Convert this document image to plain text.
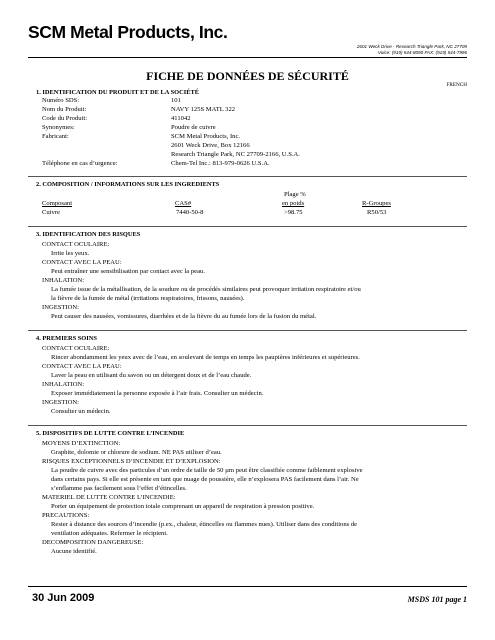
SCM Metal Products, Inc.
2601 Weck Drive · Research Triangle Park, NC 27709
Voice: (919) 544-8090 FAX: (919) 544-7996
FICHE DE DONNÉES DE SÉCURITÉ
FRENCH
1. IDENTIFICATION DU PRODUIT ET DE LA SOCIÉTÉ
Numéro SDS:	101
Nom du Produit:	NAVY 125S MATL 322
Code du Produit:	411042
Synonymes:	Poudre de cuivre
Fabricant:	SCM Metal Products, Inc.
2601 Weck Drive, Box 12166
Research Triangle Park, NC 27709-2166, U.S.A.
Téléphone en cas d’urgence:	Chem-Tel Inc.: 813-979-0626 U.S.A.
2. COMPOSITION / INFORMATIONS SUR LES INGREDIENTS
Plage %
Composant	CAS#	en poids	R-Groupes
Cuivre	7440-50-8	>98.75	R50/53
3. IDENTIFICATION DES RISQUES
CONTACT OCULAIRE:
Irrite les yeux.
CONTACT AVEC LA PEAU:
Peut entraîner une sensibilisation par contact avec la peau.
INHALATION:
La fumée issue de la métallisation, de la soudure ou de procédés similaires peut provoquer irritation respiratoire et/ou
la fièvre de la fumée de métal (irritations respiratoires, frissons, nausées).
INGESTION:
Peut causer des nausées, vomissures, diarrhées et de la fièvre du au fumée lors de la fusion du métal.
4. PREMIERS SOINS
CONTACT OCULAIRE:
Rincer abondamment les yeux avec de l’eau, en soulevant de temps en temps les paupières inférieures et supérieures.
CONTACT AVEC LA PEAU:
Laver la peau en utilisant du savon ou un détergent doux et de l’eau chaude.
INHALATION:
Exposer immédiatement la personne exposée à l’air frais. Consulter un médecin.
INGESTION:
Consulter un médecin.
5. DISPOSITIFS DE LUTTE CONTRE L’INCENDIE
MOYENS D’EXTINCTION:
Graphite, dolomie or chlorure de sodium. NE PAS utiliser d’eau.
RISQUES EXCEPTIONNELS D’INCENDIE ET D’EXPLOSION:
La poudre de cuivre avec des particules d’un ordre de taille de 50 µm peut être classifiée comme faiblement explosive
dans certains pays. Si elle est présente en tant que nuage de poussière, elle n’explosera PAS facilement dans l’air. Ne
s’enflamme pas facilement sous l’effet d’étincelles.
MATERIEL DE LUTTE CONTRE L’INCENDIE:
Porter un équipement de protection totale comprenant un appareil de respiration à pression positive.
PRECAUTIONS:
Rester à distance des sources d’incendie (p.ex., chaleur, étincelles ou flammes nues). Utiliser dans des conditions de
ventilation adéquates. Refermer le récipient.
DECOMPOSITION DANGEREUSE:
Aucune identifié.
30 Jun 2009	MSDS 101 page 1
